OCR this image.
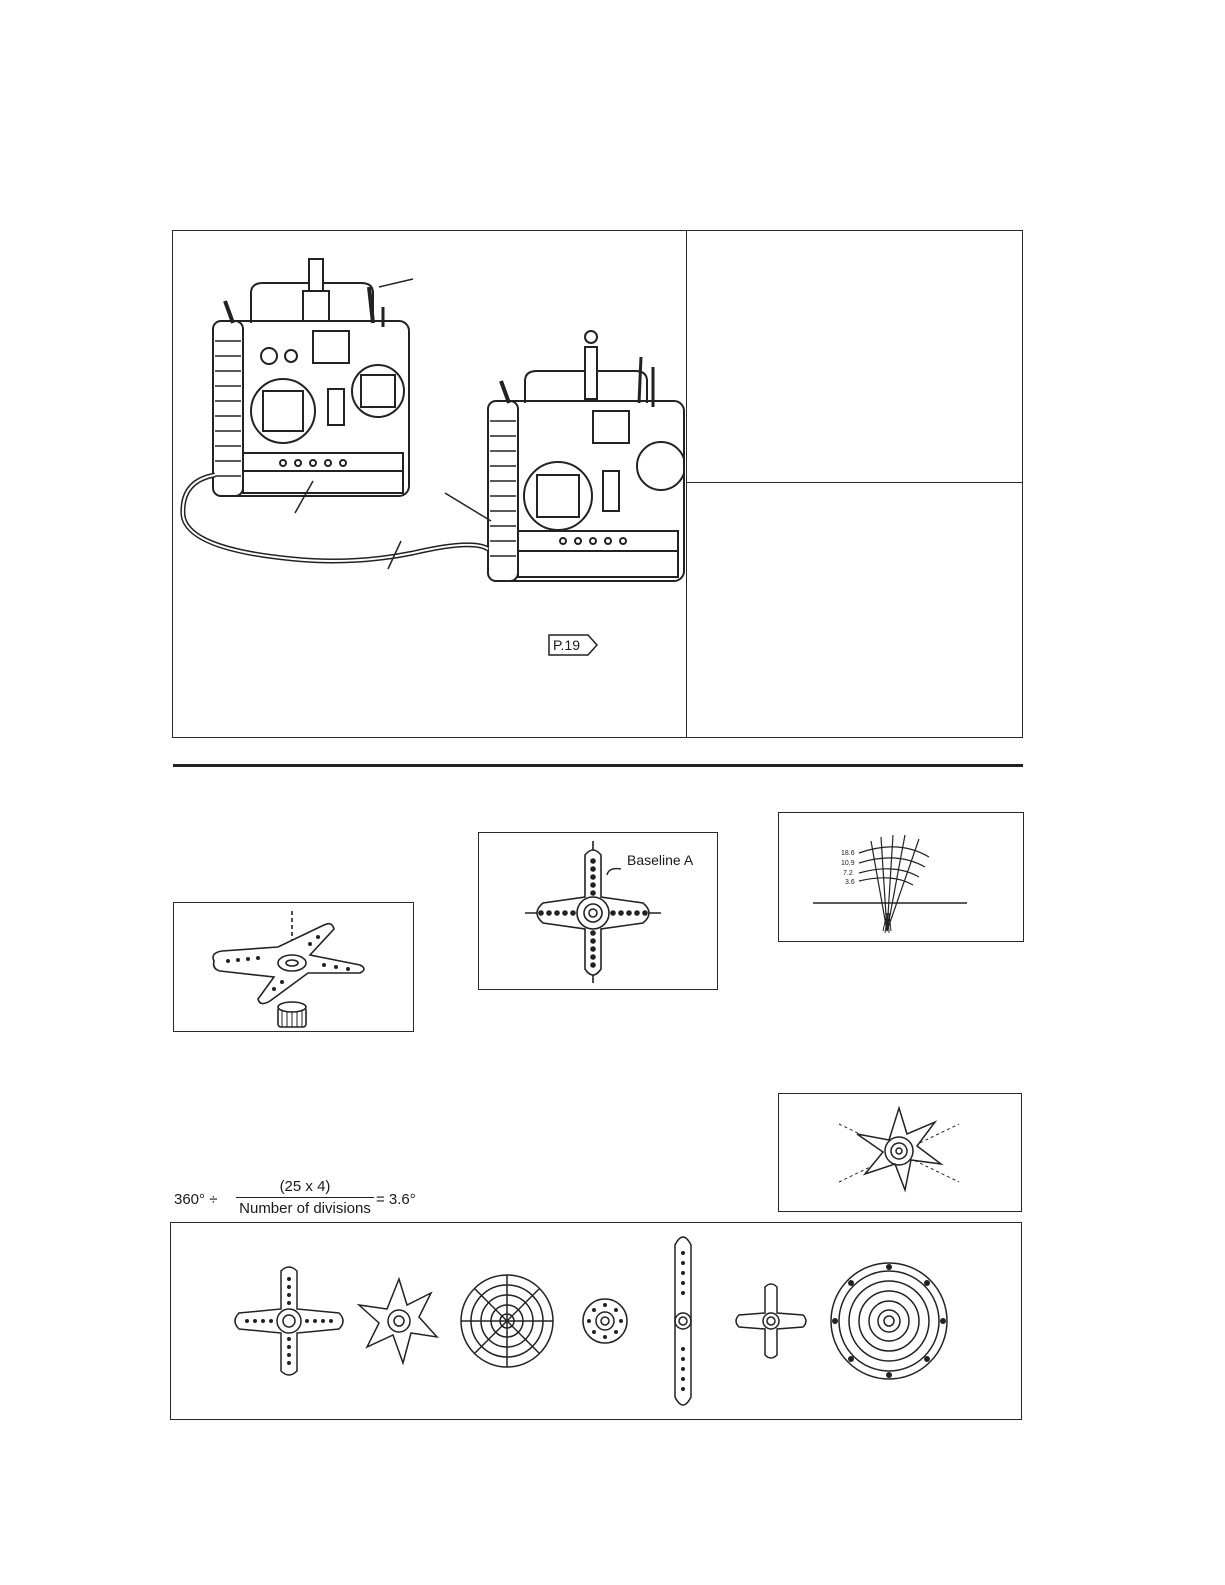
P.19
Baseline A	18.6
10.9
7.2
3.6
360° ÷
(25 x 4)
Number of divisions
= 3.6°
